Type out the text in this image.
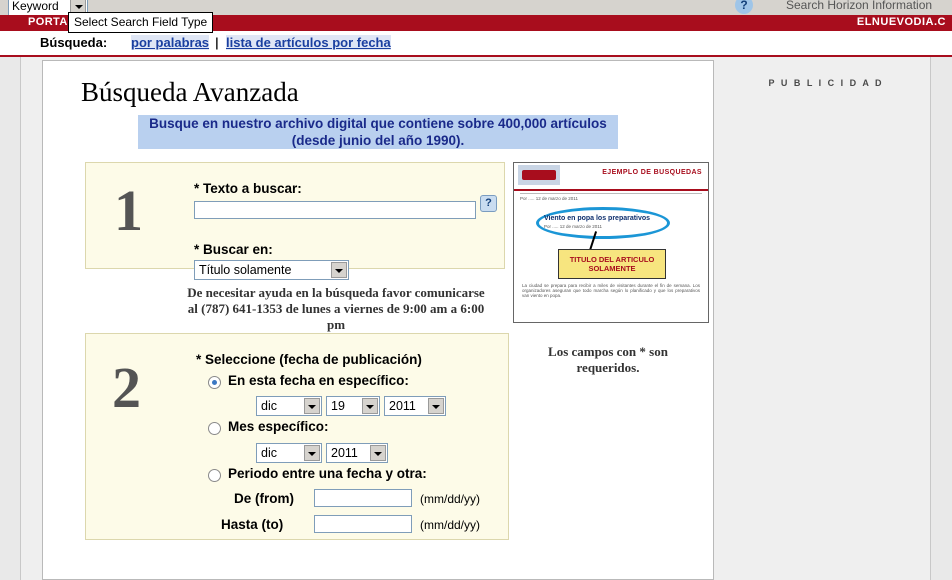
Keyword	?	Search Horizon Information
PORTA	ELNUEVODIA.C
Select Search Field Type
Búsqueda: por palabras | lista de artículos por fecha
Búsqueda Avanzada
Busque en nuestro archivo digital que contiene sobre 400,000 artículos (desde junio del año 1990).
1	* Texto a buscar:
?
* Buscar en:
Título solamente
De necesitar ayuda en la búsqueda favor comunicarse al (787) 641-1353 de lunes a viernes de 9:00 am a 6:00 pm
EJEMPLO DE BUSQUEDAS
Por ..... 12 de marzo de 2011
Viento en popa los preparativos
Por ..... 12 de marzo de 2011
TITULO DEL ARTICULO SOLAMENTE
La ciudad se prepara para recibir a miles de visitantes durante el fin de semana. Los organizadores aseguran que todo marcha según lo planificado y que los preparativos van viento en popa.
2	* Seleccione (fecha de publicación)
En esta fecha en específico:
dic	19	2011
Mes específico:
dic	2011
Periodo entre una fecha y otra:
De (from)	(mm/dd/yy)
Hasta (to)	(mm/dd/yy)
Los campos con * son requeridos.
P U B L I C I D A D
